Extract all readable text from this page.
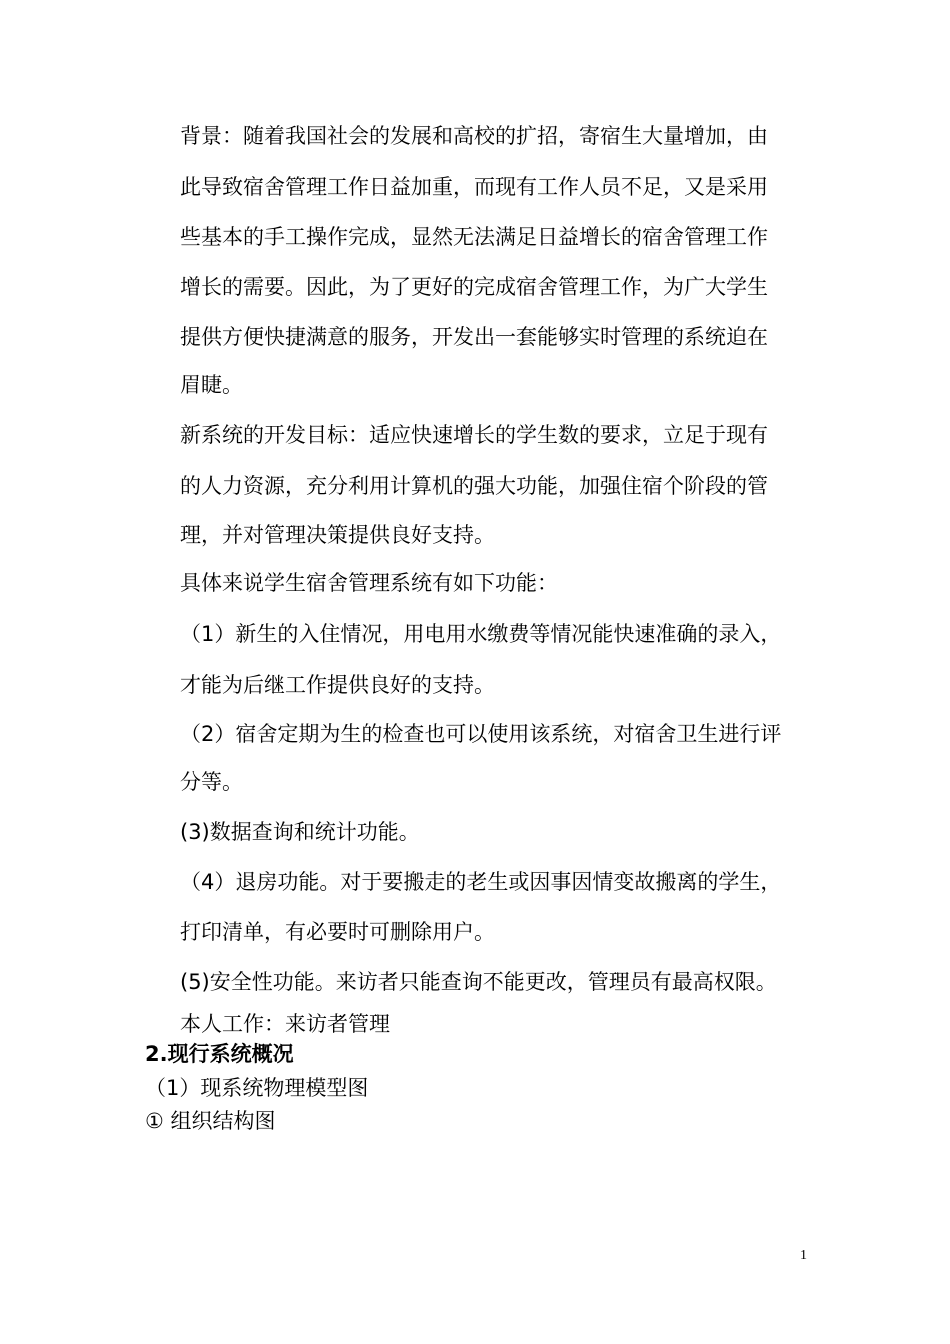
背景：随着我国社会的发展和高校的扩招，寄宿生大量增加，由
此导致宿舍管理工作日益加重，而现有工作人员不足，又是采用
些基本的手工操作完成，显然无法满足日益增长的宿舍管理工作
增长的需要。因此，为了更好的完成宿舍管理工作，为广大学生
提供方便快捷满意的服务，开发出一套能够实时管理的系统迫在
眉睫。
新系统的开发目标：适应快速增长的学生数的要求，立足于现有
的人力资源，充分利用计算机的强大功能，加强住宿个阶段的管
理，并对管理决策提供良好支持。
具体来说学生宿舍管理系统有如下功能：
（1）新生的入住情况，用电用水缴费等情况能快速准确的录入，
才能为后继工作提供良好的支持。
（2）宿舍定期为生的检查也可以使用该系统，对宿舍卫生进行评
分等。
(3)数据查询和统计功能。
（4）退房功能。对于要搬走的老生或因事因情变故搬离的学生，
打印清单，有必要时可删除用户。
(5)安全性功能。来访者只能查询不能更改，管理员有最高权限。
本人工作：来访者管理
2.现行系统概况
（1）现系统物理模型图
① 组织结构图
1
